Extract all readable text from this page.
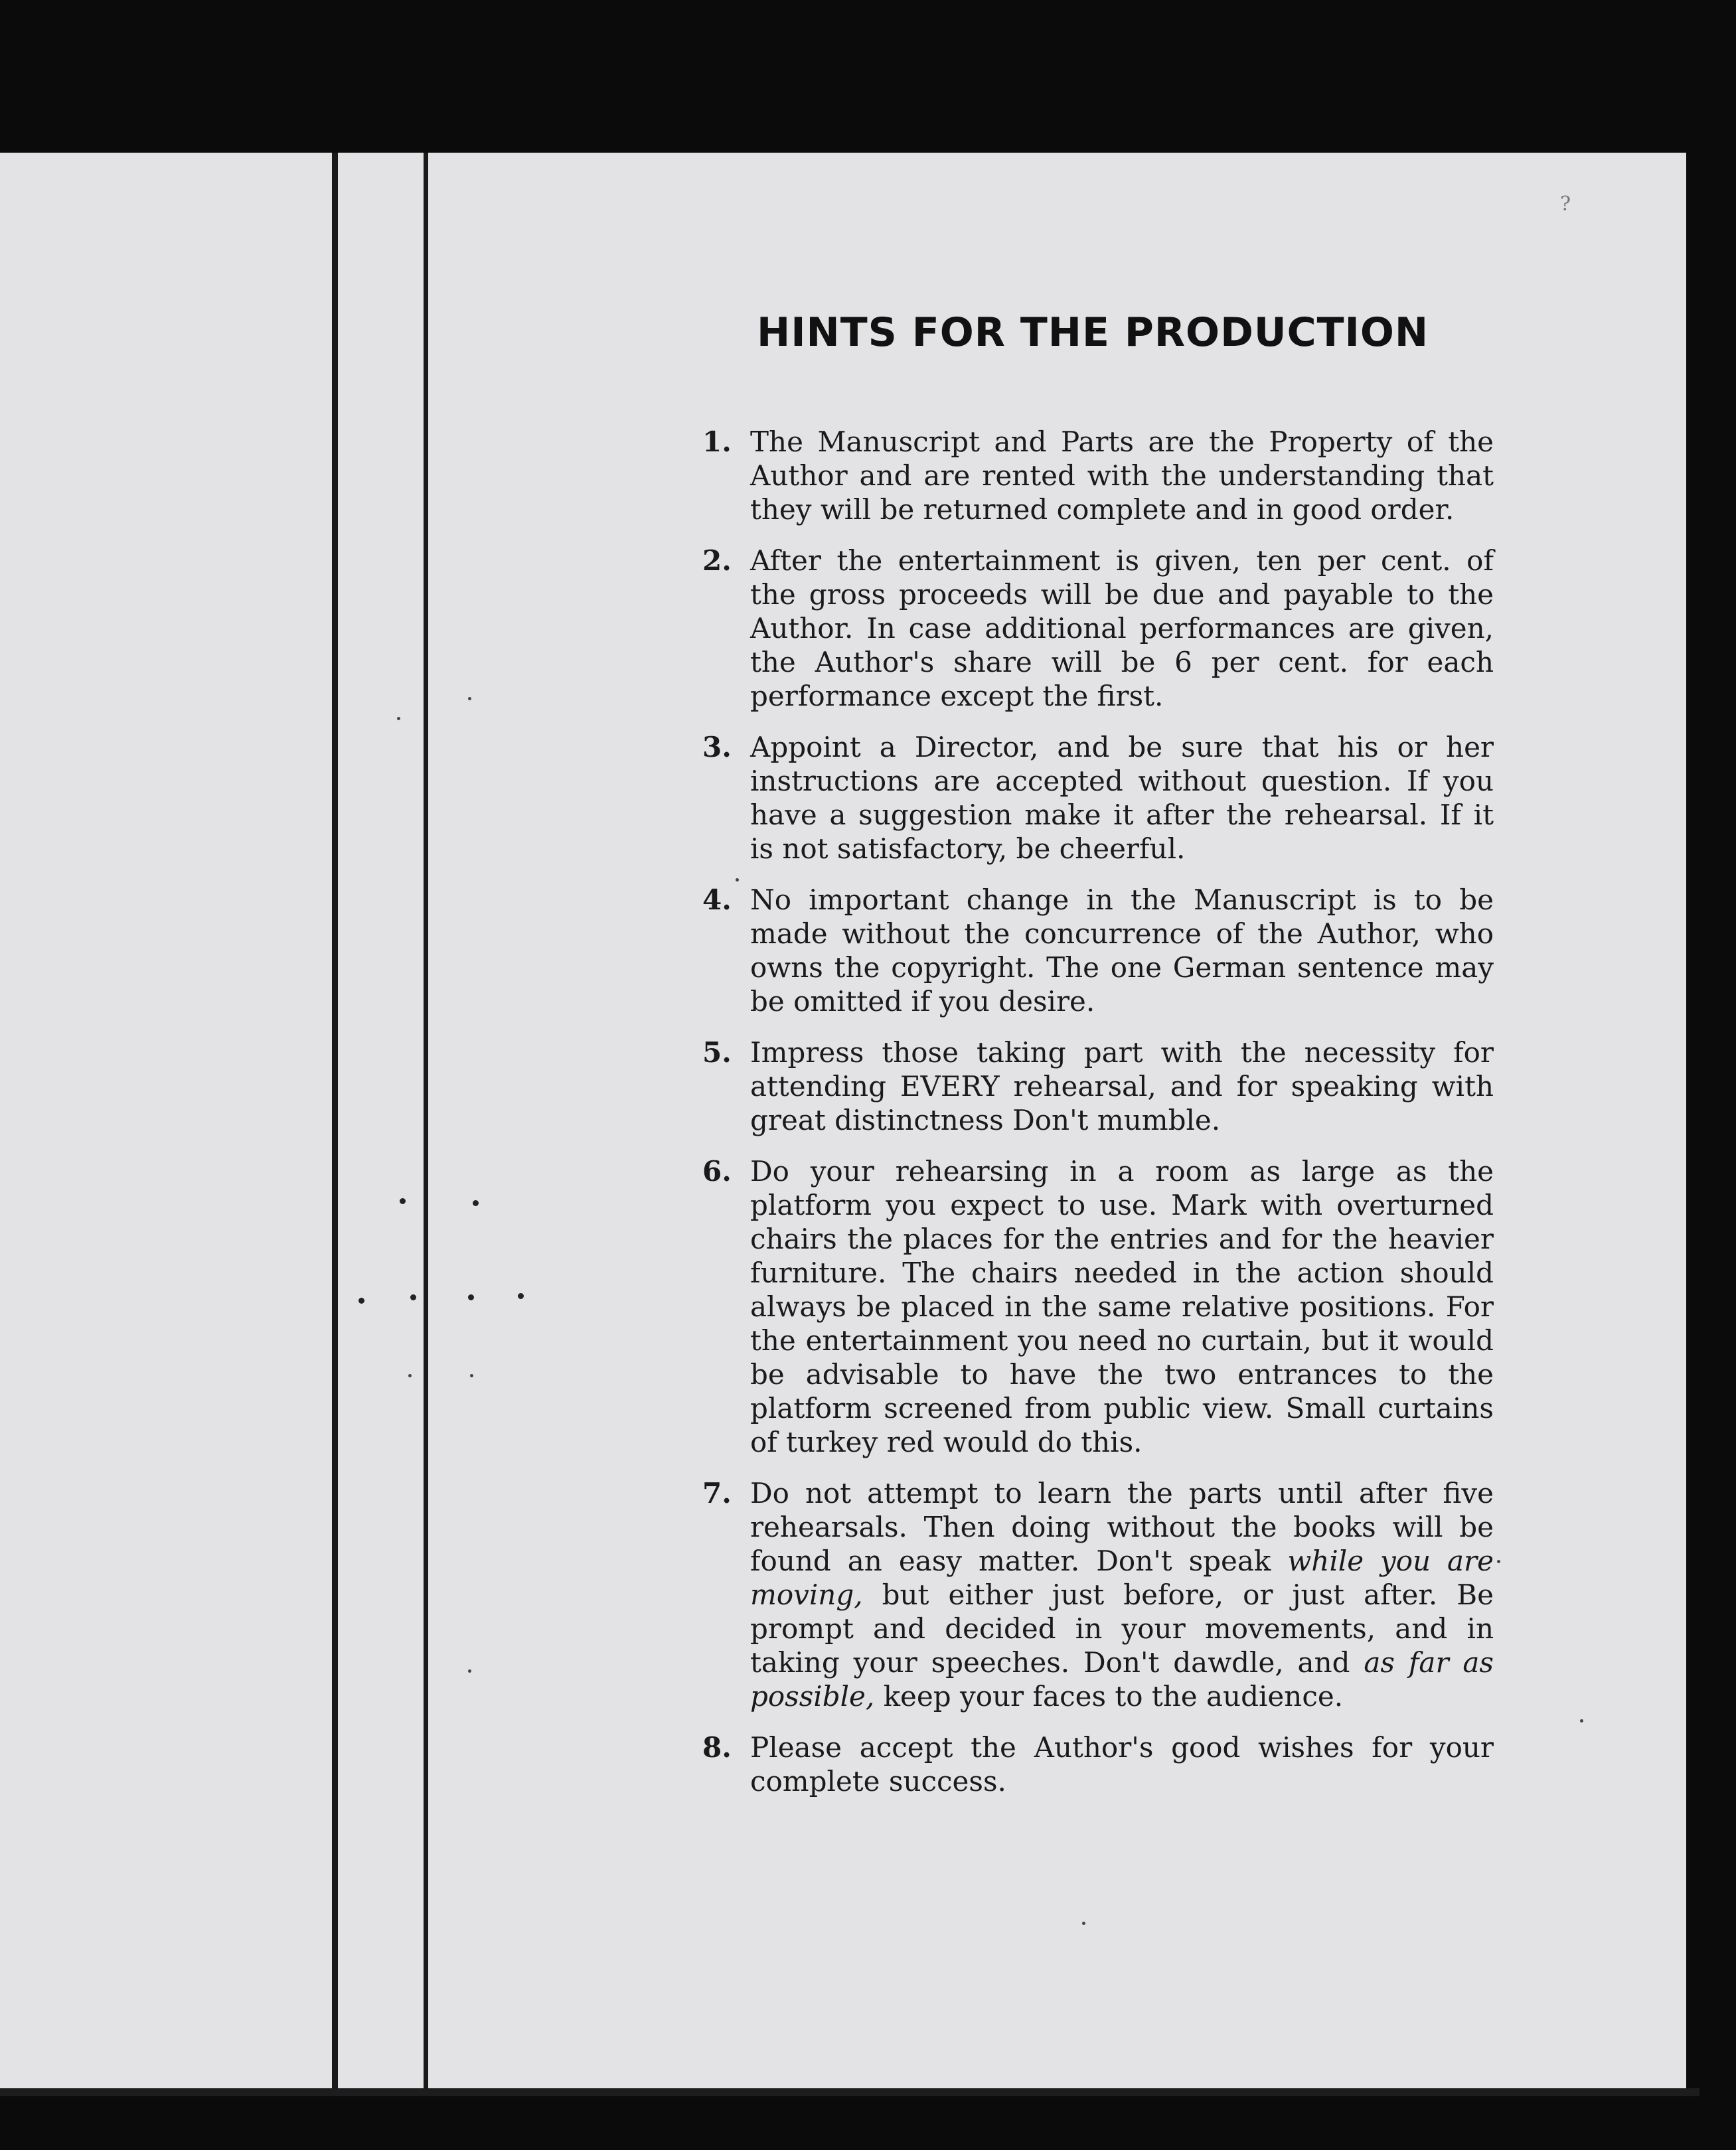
?
HINTS FOR THE PRODUCTION
1. The Manuscript and Parts are the Property of the Author and are rented with the understanding that they will be returned complete and in good order.
2. After the entertainment is given, ten per cent. of the gross proceeds will be due and payable to the Author. In case additional performances are given, the Author's share will be 6 per cent. for each performance except the first.
3. Appoint a Director, and be sure that his or her instructions are accepted without question. If you have a suggestion make it after the rehearsal. If it is not satisfactory, be cheerful.
4. No important change in the Manuscript is to be made without the concurrence of the Author, who owns the copyright. The one German sentence may be omitted if you desire.
5. Impress those taking part with the necessity for attending EVERY rehearsal, and for speaking with great distinctness Don't mumble.
6. Do your rehearsing in a room as large as the platform you expect to use. Mark with overturned chairs the places for the entries and for the heavier furniture. The chairs needed in the action should always be placed in the same relative positions. For the entertainment you need no curtain, but it would be advisable to have the two entrances to the platform screened from public view. Small curtains of turkey red would do this.
7. Do not attempt to learn the parts until after five rehearsals. Then doing without the books will be found an easy matter. Don't speak while you are moving, but either just before, or just after. Be prompt and decided in your movements, and in taking your speeches. Don't dawdle, and as far as possible, keep your faces to the audience.
8. Please accept the Author's good wishes for your complete success.
